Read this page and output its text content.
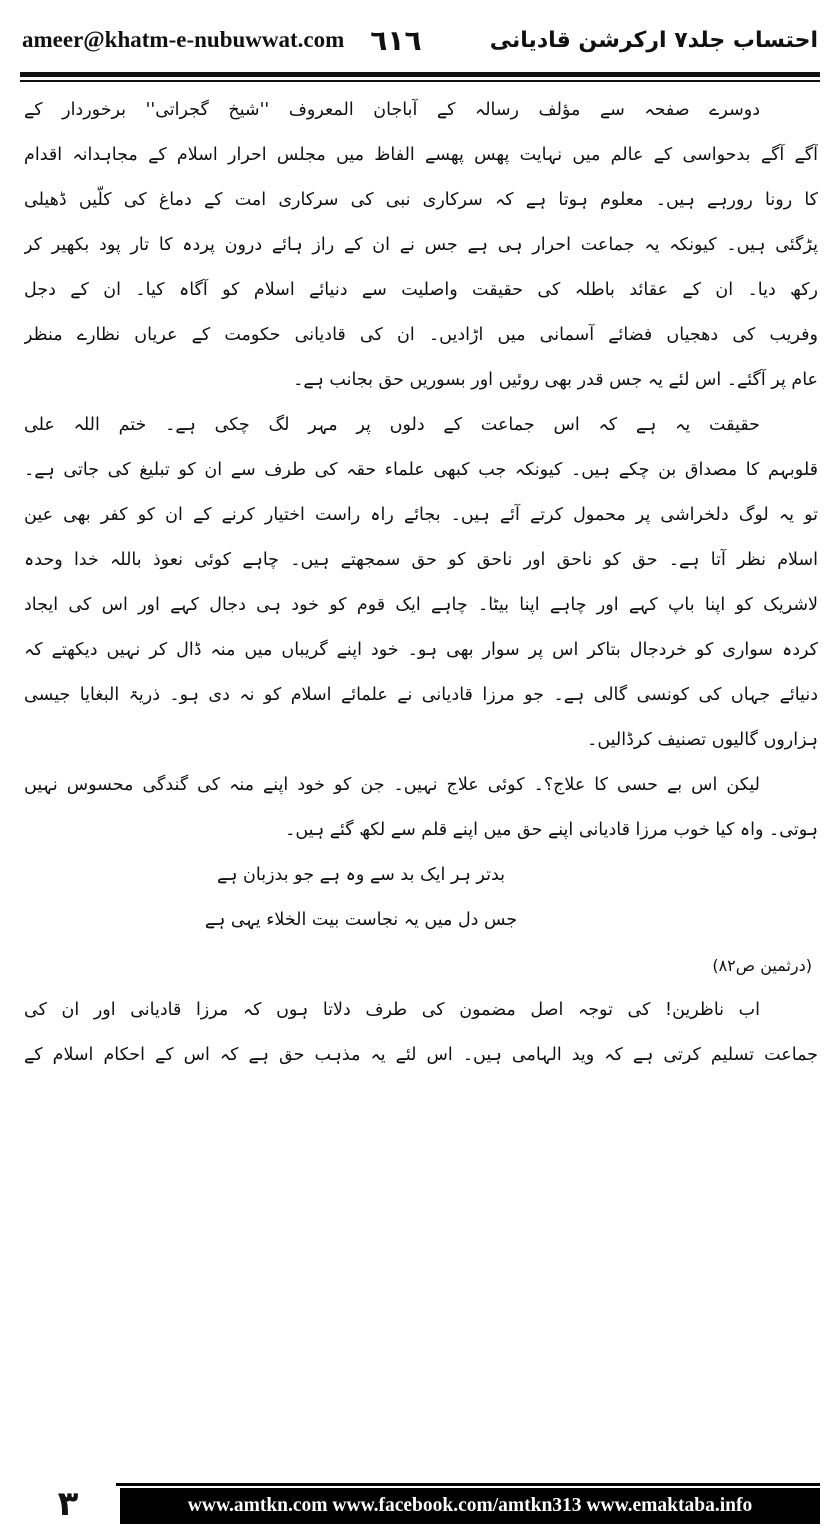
ameer@khatm-e-nubuwwat.com ٦١٦	احتساب جلد۷ ارکرشن قادیانی
دوسرے صفحہ سے مؤلف رسالہ کے آباجان المعروف ''شیخ گجراتی'' برخوردار کے
آگے آگے بدحواسی کے عالم میں نہایت پھس پھسے الفاظ میں مجلس احرار اسلام کے مجاہدانہ اقدام
کا رونا رورہے ہیں۔ معلوم ہوتا ہے کہ سرکاری نبی کی سرکاری امت کے دماغ کی کلّیں ڈھیلی
پڑگئی ہیں۔ کیونکہ یہ جماعت احرار ہی ہے جس نے ان کے راز ہائے درون پردہ کا تار پود بکھیر کر
رکھ دیا۔ ان کے عقائد باطلہ کی حقیقت واصلیت سے دنیائے اسلام کو آگاہ کیا۔ ان کے دجل
وفریب کی دھجیاں فضائے آسمانی میں اڑادیں۔ ان کی قادیانی حکومت کے عریاں نظارے منظر
عام پر آگئے۔ اس لئے یہ جس قدر بھی روئیں اور بسوریں حق بجانب ہے۔
حقیقت یہ ہے کہ اس جماعت کے دلوں پر مہر لگ چکی ہے۔ ختم اللہ علی
قلوبہم کا مصداق بن چکے ہیں۔ کیونکہ جب کبھی علماء حقہ کی طرف سے ان کو تبلیغ کی جاتی ہے۔
تو یہ لوگ دلخراشی پر محمول کرتے آئے ہیں۔ بجائے راہ راست اختیار کرنے کے ان کو کفر بھی عین
اسلام نظر آتا ہے۔ حق کو ناحق اور ناحق کو حق سمجھتے ہیں۔ چاہے کوئی نعوذ باللہ خدا وحدہ
لاشریک کو اپنا باپ کہے اور چاہے اپنا بیٹا۔ چاہے ایک قوم کو خود ہی دجال کہے اور اس کی ایجاد
کردہ سواری کو خردجال بتاکر اس پر سوار بھی ہو۔ خود اپنے گریباں میں منہ ڈال کر نہیں دیکھتے کہ
دنیائے جہاں کی کونسی گالی ہے۔ جو مرزا قادیانی نے علمائے اسلام کو نہ دی ہو۔ ذریۃ البغایا جیسی
ہزاروں گالیوں تصنیف کرڈالیں۔
لیکن اس بے حسی کا علاج؟۔ کوئی علاج نہیں۔ جن کو خود اپنے منہ کی گندگی محسوس نہیں
ہوتی۔ واہ کیا خوب مرزا قادیانی اپنے حق میں اپنے قلم سے لکھ گئے ہیں۔
بدتر ہر ایک بد سے وہ ہے جو بدزبان ہے
جس دل میں یہ نجاست بیت الخلاء یہی ہے
(درثمین ص۸۲)
اب ناظرین! کی توجہ اصل مضمون کی طرف دلاتا ہوں کہ مرزا قادیانی اور ان کی
جماعت تسلیم کرتی ہے کہ وید الہامی ہیں۔ اس لئے یہ مذہب حق ہے کہ اس کے احکام اسلام کے
۳	www.amtkn.com www.facebook.com/amtkn313 www.emaktaba.info
